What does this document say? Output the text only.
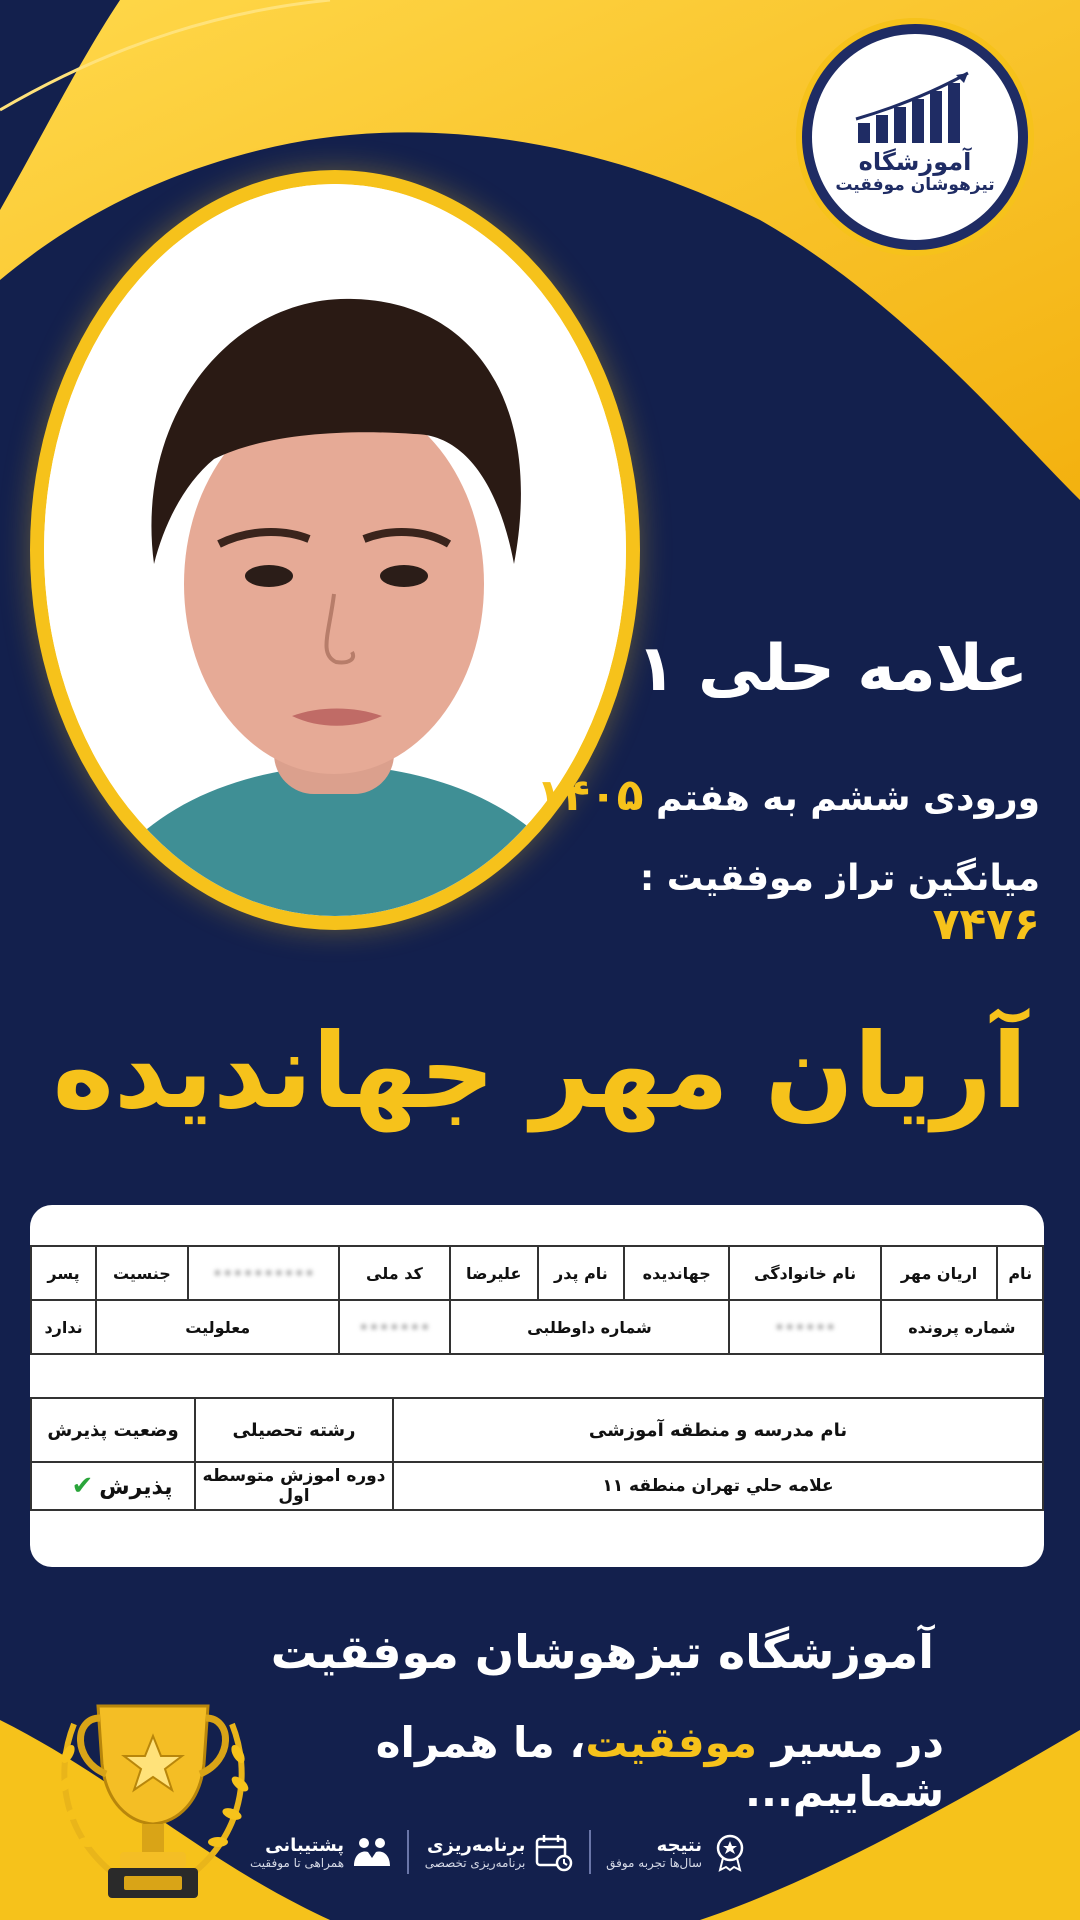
آموزشگاه
تیزهوشان موفقیت
علامه حلی ۱
ورودی ششم به هفتم ۱۴۰۵
میانگین تراز موفقیت : ۷۴۷۶
آریان مهر جهاندیده
نام	اریان مهر	نام خانوادگی	جهاندیده	نام پدر	علیرضا	کد ملی	••••••••••	جنسیت	پسر
شماره پرونده		••••••	شماره داوطلبی			•••••••	معلولیت		ندارد
نام مدرسه و منطقه آموزشی	رشته تحصیلی	وضعیت پذیرش
علامه حلي تهران منطقه ۱۱	دوره اموزش متوسطه اول	پذیرش ✔
آموزشگاه تیزهوشان موفقیت
در مسیر موفقیت، ما همراه شماییم...
پشتیبانی
همراهی تا موفقیت
برنامه‌ریزی
برنامه‌ریزی تخصصی
نتیجه
سال‌ها تجربه موفق
